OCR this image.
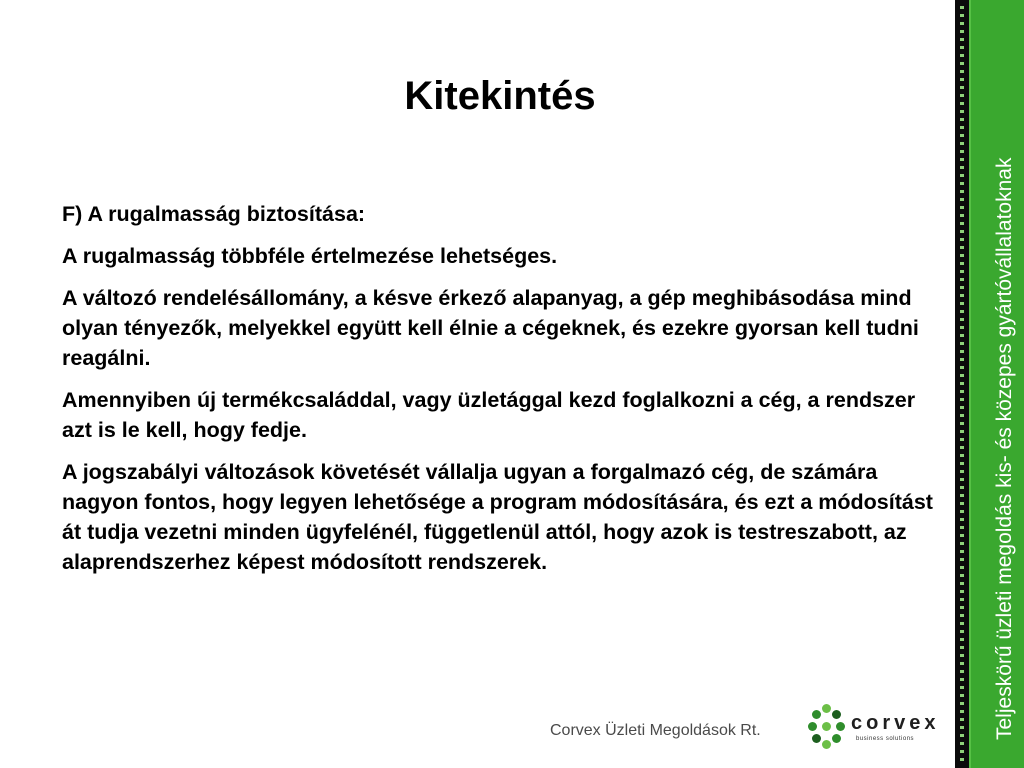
Kitekintés

F) A rugalmasság biztosítása:

A rugalmasság többféle értelmezése lehetséges.

A változó rendelésállomány, a késve érkező alapanyag, a gép meghibásodása mind olyan tényezők, melyekkel együtt kell élnie a cégeknek, és ezekre gyorsan kell tudni reagálni.

Amennyiben új termékcsaláddal, vagy üzletággal kezd foglalkozni a cég, a rendszer azt is le kell, hogy fedje.

A jogszabályi változások követését vállalja ugyan a forgalmazó cég, de számára nagyon fontos, hogy legyen lehetősége a program módosítására, és ezt a módosítást át tudja vezetni minden ügyfelénél, függetlenül attól, hogy azok is testreszabott, az alaprendszerhez képest módosított rendszerek.	Teljeskörű üzleti megoldás kis- és közepes gyártóvállalatoknak
Corvex Üzleti Megoldások Rt.	corvex
business solutions
